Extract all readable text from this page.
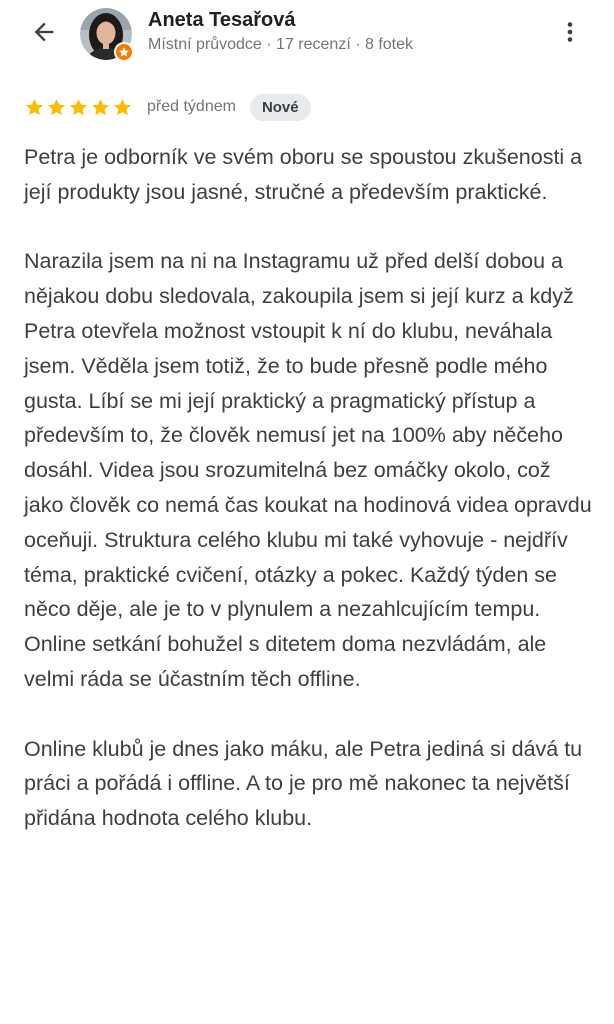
Aneta Tesařová
Místní průvodce · 17 recenzí · 8 fotek
před týdnem	Nové

Petra je odborník ve svém oboru se spoustou zkušenosti a její produkty jsou jasné, stručné a především praktické.

Narazila jsem na ni na Instagramu už před delší dobou a nějakou dobu sledovala, zakoupila jsem si její kurz a když Petra otevřela možnost vstoupit k ní do klubu, neváhala jsem. Věděla jsem totiž, že to bude přesně podle mého gusta. Líbí se mi její praktický a pragmatický přístup a především to, že člověk nemusí jet na 100% aby něčeho dosáhl. Videa jsou srozumitelná bez omáčky okolo, což jako člověk co nemá čas koukat na hodinová videa opravdu oceňuji. Struktura celého klubu mi také vyhovuje - nejdřív téma, praktické cvičení, otázky a pokec. Každý týden se něco děje, ale je to v plynulem a nezahlcujícím tempu. Online setkání bohužel s ditetem doma nezvládám, ale velmi ráda se účastním těch offline.

Online klubů je dnes jako máku, ale Petra jediná si dává tu práci a pořádá i offline. A to je pro mě nakonec ta největší přidána hodnota celého klubu.
